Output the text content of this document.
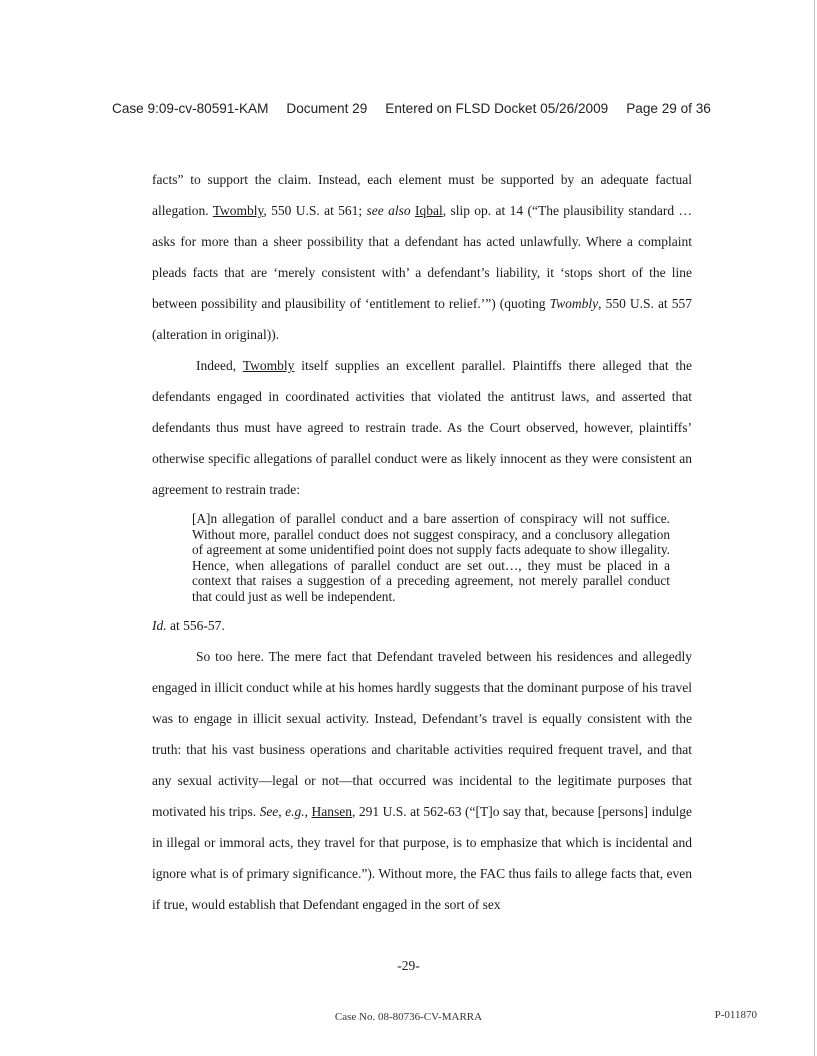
Case 9:09-cv-80591-KAM Document 29 Entered on FLSD Docket 05/26/2009 Page 29 of 36

facts” to support the claim. Instead, each element must be supported by an adequate factual allegation. Twombly, 550 U.S. at 561; see also Iqbal, slip op. at 14 (“The plausibility standard … asks for more than a sheer possibility that a defendant has acted unlawfully. Where a complaint pleads facts that are ‘merely consistent with’ a defendant’s liability, it ‘stops short of the line between possibility and plausibility of ‘entitlement to relief.’”) (quoting Twombly, 550 U.S. at 557 (alteration in original)).

Indeed, Twombly itself supplies an excellent parallel. Plaintiffs there alleged that the defendants engaged in coordinated activities that violated the antitrust laws, and asserted that defendants thus must have agreed to restrain trade. As the Court observed, however, plaintiffs’ otherwise specific allegations of parallel conduct were as likely innocent as they were consistent an agreement to restrain trade:

[A]n allegation of parallel conduct and a bare assertion of conspiracy will not suffice. Without more, parallel conduct does not suggest conspiracy, and a conclusory allegation of agreement at some unidentified point does not supply facts adequate to show illegality. Hence, when allegations of parallel conduct are set out…, they must be placed in a context that raises a suggestion of a preceding agreement, not merely parallel conduct that could just as well be independent.

Id. at 556-57.

So too here. The mere fact that Defendant traveled between his residences and allegedly engaged in illicit conduct while at his homes hardly suggests that the dominant purpose of his travel was to engage in illicit sexual activity. Instead, Defendant’s travel is equally consistent with the truth: that his vast business operations and charitable activities required frequent travel, and that any sexual activity—legal or not—that occurred was incidental to the legitimate purposes that motivated his trips. See, e.g., Hansen, 291 U.S. at 562-63 (“[T]o say that, because [persons] indulge in illegal or immoral acts, they travel for that purpose, is to emphasize that which is incidental and ignore what is of primary significance.”). Without more, the FAC thus fails to allege facts that, even if true, would establish that Defendant engaged in the sort of sex

-29-
Case No. 08-80736-CV-MARRA	P-011870
